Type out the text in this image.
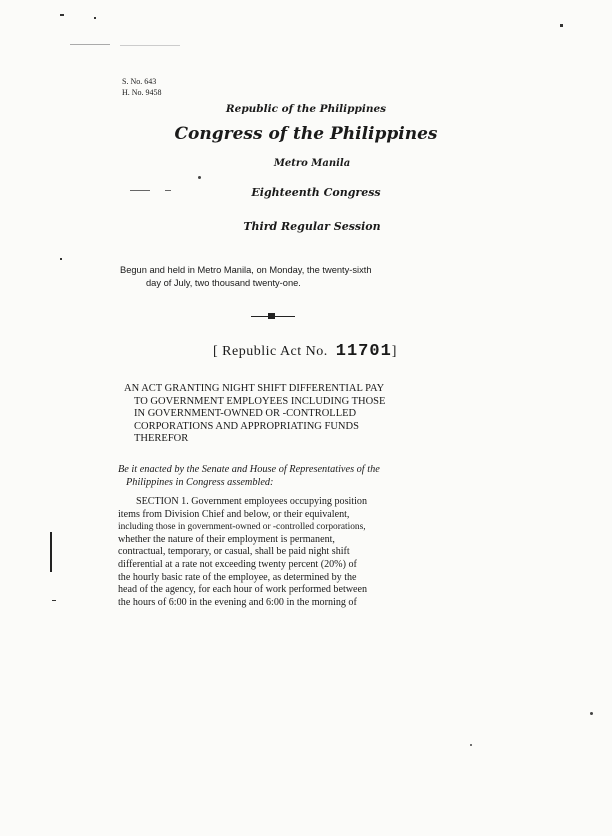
S. No. 643
H. No. 9458
Republic of the Philippines
Congress of the Philippines
Metro Manila
Eighteenth Congress
Third Regular Session
Begun and held in Metro Manila, on Monday, the twenty-sixth
day of July, two thousand twenty-one.
[ Republic Act No. 11701]
AN ACT GRANTING NIGHT SHIFT DIFFERENTIAL PAY
TO GOVERNMENT EMPLOYEES INCLUDING THOSE
IN GOVERNMENT-OWNED OR -CONTROLLED
CORPORATIONS AND APPROPRIATING FUNDS
THEREFOR
Be it enacted by the Senate and House of Representatives of the
Philippines in Congress assembled:
SECTION 1. Government employees occupying position
items from Division Chief and below, or their equivalent,
including those in government-owned or -controlled corporations,
whether the nature of their employment is permanent,
contractual, temporary, or casual, shall be paid night shift
differential at a rate not exceeding twenty percent (20%) of
the hourly basic rate of the employee, as determined by the
head of the agency, for each hour of work performed between
the hours of 6:00 in the evening and 6:00 in the morning of
